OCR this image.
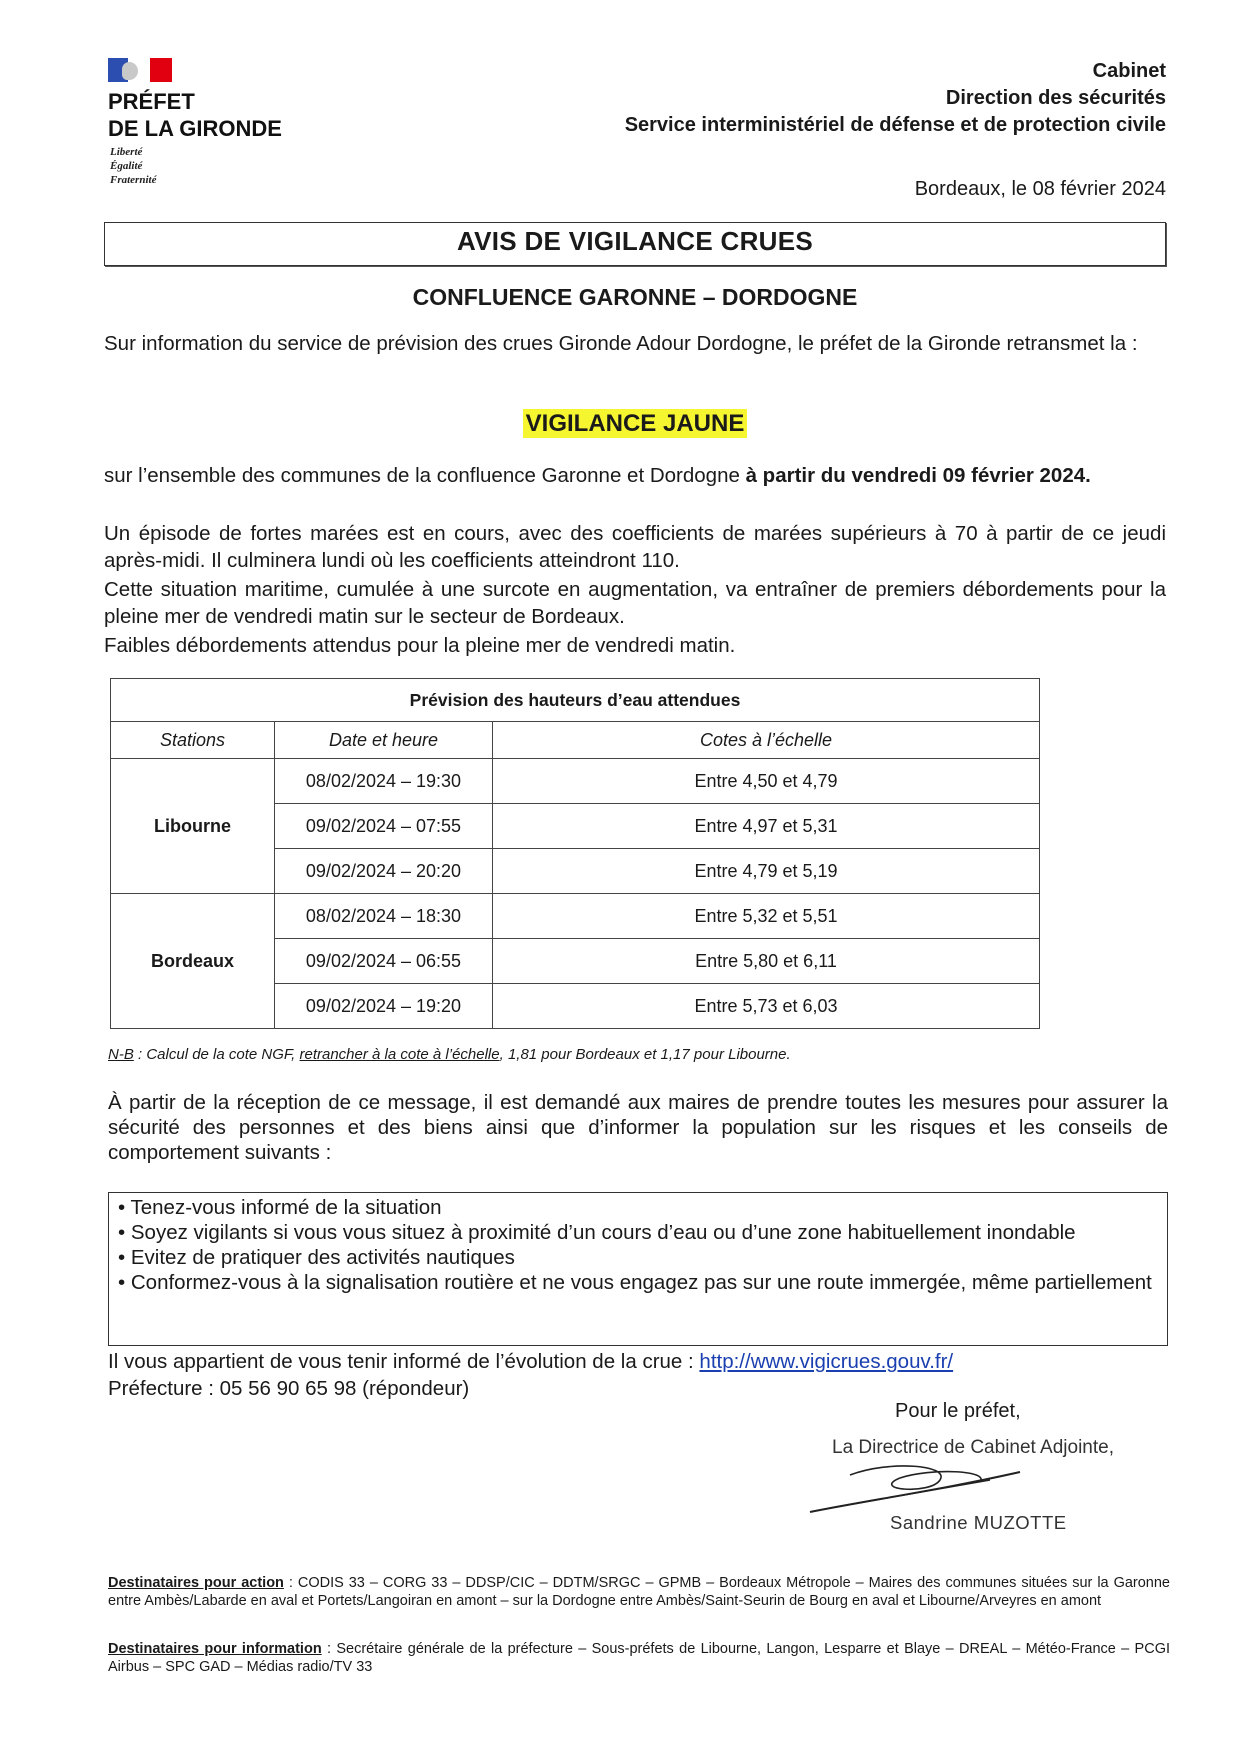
PRÉFET
DE LA GIRONDE
Liberté
Égalité
Fraternité
Cabinet
Direction des sécurités
Service interministériel de défense et de protection civile
Bordeaux, le 08 février 2024
AVIS DE VIGILANCE CRUES
CONFLUENCE GARONNE – DORDOGNE
Sur information du service de prévision des crues Gironde Adour Dordogne, le préfet de la Gironde retransmet la :
VIGILANCE JAUNE
sur l’ensemble des communes de la confluence Garonne et Dordogne à partir du vendredi 09 février 2024.
Un épisode de fortes marées est en cours, avec des coefficients de marées supérieurs à 70 à partir de ce jeudi après-midi. Il culminera lundi où les coefficients atteindront 110.
Cette situation maritime, cumulée à une surcote en augmentation, va entraîner de premiers débordements pour la pleine mer de vendredi matin sur le secteur de Bordeaux.
Faibles débordements attendus pour la pleine mer de vendredi matin.
Prévision des hauteurs d’eau attendues		
Stations	Date et heure	Cotes à l’échelle
Libourne	08/02/2024 – 19:30	Entre 4,50 et 4,79
	09/02/2024 – 07:55	Entre 4,97 et 5,31
	09/02/2024 – 20:20	Entre 4,79 et 5,19
Bordeaux	08/02/2024 – 18:30	Entre 5,32 et 5,51
	09/02/2024 – 06:55	Entre 5,80 et 6,11
	09/02/2024 – 19:20	Entre 5,73 et 6,03
N-B : Calcul de la cote NGF, retrancher à la cote à l’échelle, 1,81 pour Bordeaux et 1,17 pour Libourne.
À partir de la réception de ce message, il est demandé aux maires de prendre toutes les mesures pour assurer la sécurité des personnes et des biens ainsi que d’informer la population sur les risques et les conseils de comportement suivants :
• Tenez-vous informé de la situation
• Soyez vigilants si vous vous situez à proximité d’un cours d’eau ou d’une zone habituellement inondable
• Evitez de pratiquer des activités nautiques
• Conformez-vous à la signalisation routière et ne vous engagez pas sur une route immergée, même partiellement
Il vous appartient de vous tenir informé de l’évolution de la crue : http://www.vigicrues.gouv.fr/
Préfecture : 05 56 90 65 98 (répondeur)
Pour le préfet,
La Directrice de Cabinet Adjointe,
Sandrine MUZOTTE
Destinataires pour action : CODIS 33 – CORG 33 – DDSP/CIC – DDTM/SRGC – GPMB – Bordeaux Métropole – Maires des communes situées sur la Garonne entre Ambès/Labarde en aval et Portets/Langoiran en amont – sur la Dordogne entre Ambès/Saint-Seurin de Bourg en aval et Libourne/Arveyres en amont
Destinataires pour information : Secrétaire générale de la préfecture – Sous-préfets de Libourne, Langon, Lesparre et Blaye – DREAL – Météo-France – PCGI Airbus – SPC GAD – Médias radio/TV 33
